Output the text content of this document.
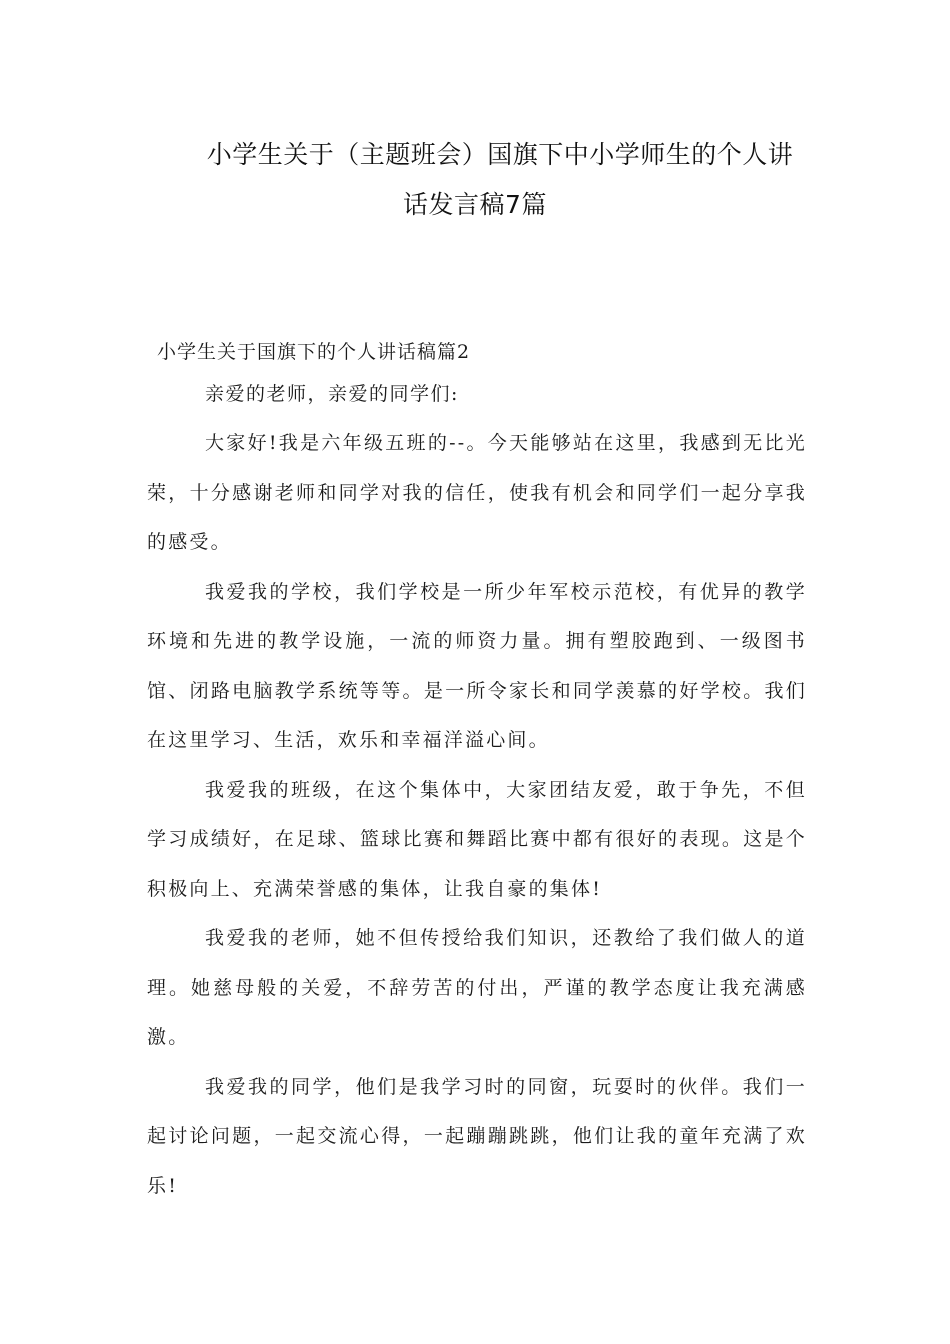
小学生关于（主题班会）国旗下中小学师生的个人讲
话发言稿7篇

小学生关于国旗下的个人讲话稿篇2

亲爱的老师，亲爱的同学们:

大家好!我是六年级五班的--。今天能够站在这里，我感到无比光荣，十分感谢老师和同学对我的信任，使我有机会和同学们一起分享我的感受。

我爱我的学校，我们学校是一所少年军校示范校，有优异的教学环境和先进的教学设施，一流的师资力量。拥有塑胶跑到、一级图书馆、闭路电脑教学系统等等。是一所令家长和同学羡慕的好学校。我们在这里学习、生活，欢乐和幸福洋溢心间。

我爱我的班级，在这个集体中，大家团结友爱，敢于争先，不但学习成绩好，在足球、篮球比赛和舞蹈比赛中都有很好的表现。这是个积极向上、充满荣誉感的集体，让我自豪的集体!

我爱我的老师，她不但传授给我们知识，还教给了我们做人的道理。她慈母般的关爱，不辞劳苦的付出，严谨的教学态度让我充满感激。

我爱我的同学，他们是我学习时的同窗，玩耍时的伙伴。我们一起讨论问题，一起交流心得，一起蹦蹦跳跳，他们让我的童年充满了欢乐!
